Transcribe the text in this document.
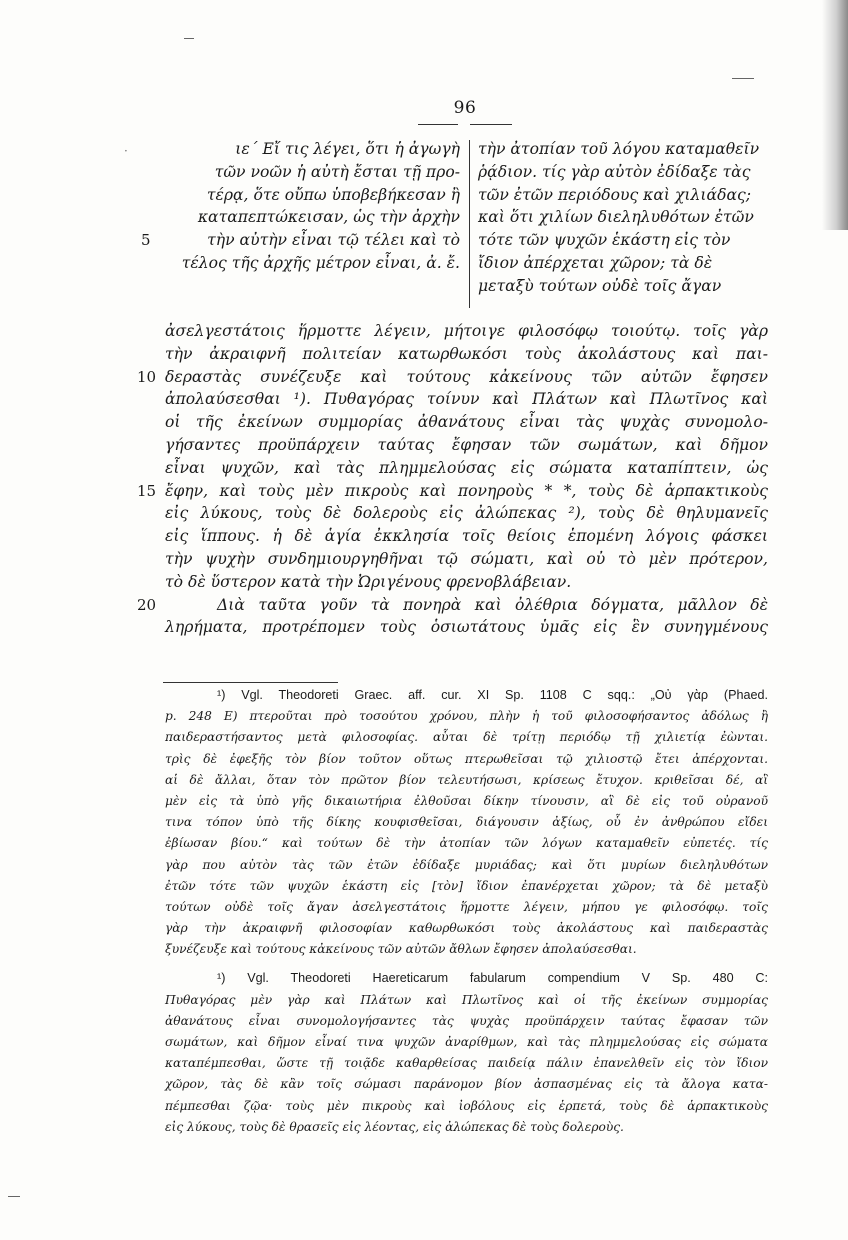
96
·	ιε΄ Εἴ τις λέγει, ὅτι ἡ ἀγωγὴ
τῶν νοῶν ἡ αὐτὴ ἔσται τῇ προ-
τέρᾳ, ὅτε οὔπω ὑποβεβήκεσαν ἢ
καταπεπτώκεισαν, ὡς τὴν ἀρχὴν
5	τὴν αὐτὴν εἶναι τῷ τέλει καὶ τὸ
τέλος τῆς ἀρχῆς μέτρον εἶναι, ἀ. ἔ.
τὴν ἀτοπίαν τοῦ λόγου καταμαθεῖν
ῥᾴδιον. τίς γὰρ αὐτὸν ἐδίδαξε τὰς
τῶν ἐτῶν περιόδους καὶ χιλιάδας;
καὶ ὅτι χιλίων διεληλυθότων ἐτῶν
τότε τῶν ψυχῶν ἑκάστη εἰς τὸν
ἴδιον ἀπέρχεται χῶρον; τὰ δὲ
μεταξὺ τούτων οὐδὲ τοῖς ἄγαν
ἀσελγεστάτοις ἥρμοττε λέγειν, μήτοιγε φιλοσόφῳ τοιούτῳ. τοῖς γὰρ
τὴν ἀκραιφνῆ πολιτείαν κατωρθωκόσι τοὺς ἀκολάστους καὶ παι-
10 δεραστὰς συνέζευξε καὶ τούτους κἀκείνους τῶν αὐτῶν ἔφησεν
ἀπολαύσεσθαι ¹). Πυθαγόρας τοίνυν καὶ Πλάτων καὶ Πλωτῖνος καὶ
οἱ τῆς ἐκείνων συμμορίας ἀθανάτους εἶναι τὰς ψυχὰς συνομολο-
γήσαντες προϋπάρχειν ταύτας ἔφησαν τῶν σωμάτων, καὶ δῆμον
εἶναι ψυχῶν, καὶ τὰς πλημμελούσας εἰς σώματα καταπίπτειν, ὡς
15 ἔφην, καὶ τοὺς μὲν πικροὺς καὶ πονηροὺς * *, τοὺς δὲ ἁρπακτικοὺς
εἰς λύκους, τοὺς δὲ δολεροὺς εἰς ἀλώπεκας ²), τοὺς δὲ θηλυμανεῖς
εἰς ἵππους. ἡ δὲ ἁγία ἐκκλησία τοῖς θείοις ἑπομένη λόγοις φάσκει
τὴν ψυχὴν συνδημιουργηθῆναι τῷ σώματι, καὶ οὐ τὸ μὲν πρότερον,
τὸ δὲ ὕστερον κατὰ τὴν Ὠριγένους φρενοβλάβειαν.
20	Διὰ ταῦτα γοῦν τὰ πονηρὰ καὶ ὀλέθρια δόγματα, μᾶλλον δὲ
ληρήματα, προτρέπομεν τοὺς ὁσιωτάτους ὑμᾶς εἰς ἓν συνηγμένους
¹) Vgl. Theodoreti Graec. aff. cur. XI Sp. 1108 C sqq.: „Οὐ γὰρ (Phaed.
p. 248 E) πτεροῦται πρὸ τοσούτου χρόνου, πλὴν ἡ τοῦ φιλοσοφήσαντος ἀδόλως ἢ
παιδεραστήσαντος μετὰ φιλοσοφίας. αὗται δὲ τρίτῃ περιόδῳ τῇ χιλιετίᾳ ἐὼνται.
τρὶς δὲ ἐφεξῆς τὸν βίον τοῦτον οὕτως πτερωθεῖσαι τῷ χιλιοστῷ ἔτει ἀπέρχονται.
αἱ δὲ ἄλλαι, ὅταν τὸν πρῶτον βίον τελευτήσωσι, κρίσεως ἔτυχον. κριθεῖσαι δέ, αἳ
μὲν εἰς τὰ ὑπὸ γῆς δικαιωτήρια ἐλθοῦσαι δίκην τίνουσιν, αἳ δὲ εἰς τοῦ οὐρανοῦ
τινα τόπον ὑπὸ τῆς δίκης κουφισθεῖσαι, διάγουσιν ἀξίως, οὗ ἐν ἀνθρώπου εἴδει
ἐβίωσαν βίου.“ καὶ τούτων δὲ τὴν ἀτοπίαν τῶν λόγων καταμαθεῖν εὐπετές. τίς
γὰρ που αὐτὸν τὰς τῶν ἐτῶν ἐδίδαξε μυριάδας; καὶ ὅτι μυρίων διεληλυθότων
ἐτῶν τότε τῶν ψυχῶν ἑκάστη εἰς [τὸν] ἴδιον ἐπανέρχεται χῶρον; τὰ δὲ μεταξὺ
τούτων οὐδὲ τοῖς ἄγαν ἀσελγεστάτοις ἥρμοττε λέγειν, μήπου γε φιλοσόφῳ. τοῖς
γὰρ τὴν ἀκραιφνῆ φιλοσοφίαν καθωρθωκόσι τοὺς ἀκολάστους καὶ παιδεραστὰς
ξυνέζευξε καὶ τούτους κἀκείνους τῶν αὐτῶν ἄθλων ἔφησεν ἀπολαύσεσθαι.
¹) Vgl. Theodoreti Haereticarum fabularum compendium V Sp. 480 C:
Πυθαγόρας μὲν γὰρ καὶ Πλάτων καὶ Πλωτῖνος καὶ οἱ τῆς ἐκείνων συμμορίας
ἀθανάτους εἶναι συνομολογήσαντες τὰς ψυχὰς προϋπάρχειν ταύτας ἔφασαν τῶν
σωμάτων, καὶ δῆμον εἶναί τινα ψυχῶν ἀναρίθμων, καὶ τὰς πλημμελούσας εἰς σώματα
καταπέμπεσθαι, ὥστε τῇ τοιᾷδε καθαρθείσας παιδείᾳ πάλιν ἐπανελθεῖν εἰς τὸν ἴδιον
χῶρον, τὰς δὲ κἂν τοῖς σώμασι παράνομον βίον ἀσπασμένας εἰς τὰ ἄλογα κατα-
πέμπεσθαι ζῷα· τοὺς μὲν πικροὺς καὶ ἰοβόλους εἰς ἑρπετά, τοὺς δὲ ἁρπακτικοὺς
εἰς λύκους, τοὺς δὲ θρασεῖς εἰς λέοντας, εἰς ἀλώπεκας δὲ τοὺς δολεροὺς.
